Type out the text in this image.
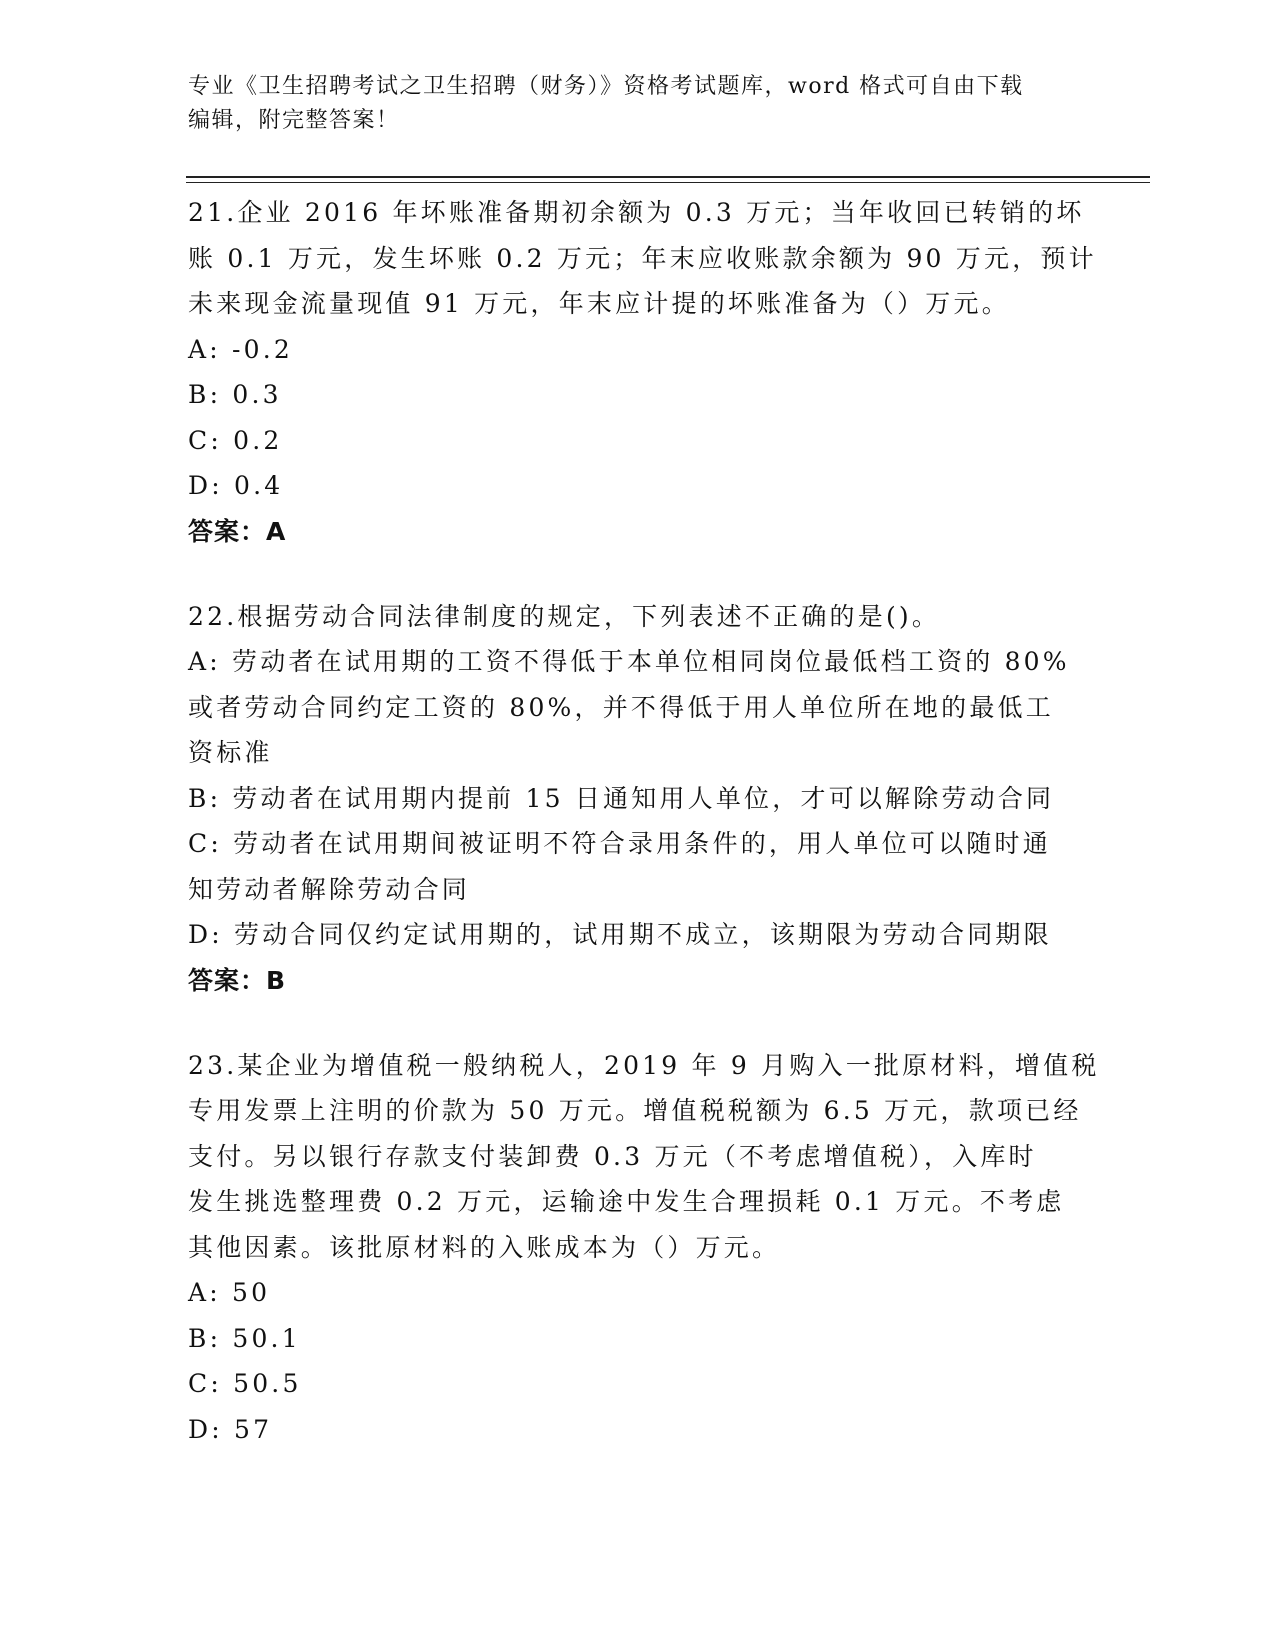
专业《卫生招聘考试之卫生招聘（财务）》资格考试题库，word 格式可自由下载
编辑，附完整答案！
21.企业 2016 年坏账准备期初余额为 0.3 万元；当年收回已转销的坏
账 0.1 万元，发生坏账 0.2 万元；年末应收账款余额为 90 万元，预计
未来现金流量现值 91 万元，年末应计提的坏账准备为（）万元。
A: -0.2
B: 0.3
C: 0.2
D: 0.4
答案：A
22.根据劳动合同法律制度的规定，下列表述不正确的是()。
A: 劳动者在试用期的工资不得低于本单位相同岗位最低档工资的 80%
或者劳动合同约定工资的 80%，并不得低于用人单位所在地的最低工
资标准
B: 劳动者在试用期内提前 15 日通知用人单位，才可以解除劳动合同
C: 劳动者在试用期间被证明不符合录用条件的，用人单位可以随时通
知劳动者解除劳动合同
D: 劳动合同仅约定试用期的，试用期不成立，该期限为劳动合同期限
答案：B
23.某企业为增值税一般纳税人，2019 年 9 月购入一批原材料，增值税
专用发票上注明的价款为 50 万元。增值税税额为 6.5 万元，款项已经
支付。另以银行存款支付装卸费 0.3 万元（不考虑增值税），入库时
发生挑选整理费 0.2 万元，运输途中发生合理损耗 0.1 万元。不考虑
其他因素。该批原材料的入账成本为（）万元。
A: 50
B: 50.1
C: 50.5
D: 57
